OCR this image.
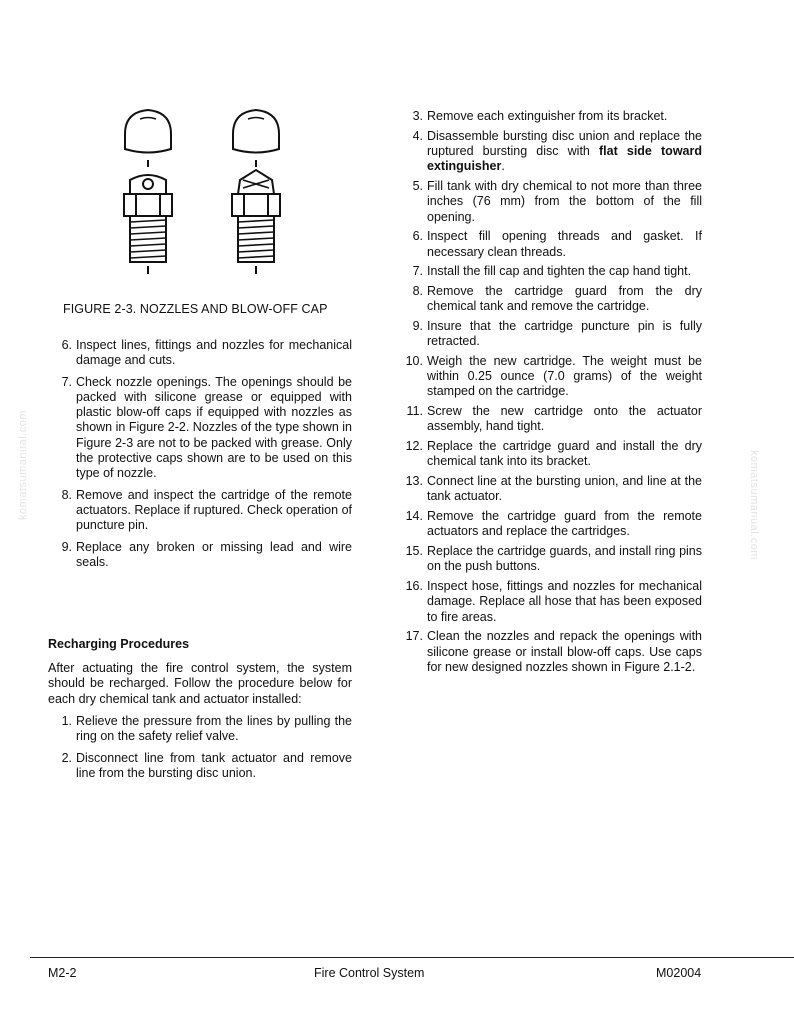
FIGURE 2-3. NOZZLES AND BLOW-OFF CAP
6. Inspect lines, fittings and nozzles for mechanical damage and cuts.
7. Check nozzle openings. The openings should be packed with silicone grease or equipped with plastic blow-off caps if equipped with nozzles as shown in Figure 2-2. Nozzles of the type shown in Figure 2-3 are not to be packed with grease. Only the protective caps shown are to be used on this type of nozzle.
8. Remove and inspect the cartridge of the remote actuators. Replace if ruptured. Check operation of puncture pin.
9. Replace any broken or missing lead and wire seals.
Recharging Procedures
After actuating the fire control system, the system should be recharged. Follow the procedure below for each dry chemical tank and actuator installed:
1. Relieve the pressure from the lines by pulling the ring on the safety relief valve.
2. Disconnect line from tank actuator and remove line from the bursting disc union.
3. Remove each extinguisher from its bracket.
4. Disassemble bursting disc union and replace the ruptured bursting disc with flat side toward extinguisher.
5. Fill tank with dry chemical to not more than three inches (76 mm) from the bottom of the fill opening.
6. Inspect fill opening threads and gasket. If necessary clean threads.
7. Install the fill cap and tighten the cap hand tight.
8. Remove the cartridge guard from the dry chemical tank and remove the cartridge.
9. Insure that the cartridge puncture pin is fully retracted.
10. Weigh the new cartridge. The weight must be within 0.25 ounce (7.0 grams) of the weight stamped on the cartridge.
11. Screw the new cartridge onto the actuator assembly, hand tight.
12. Replace the cartridge guard and install the dry chemical tank into its bracket.
13. Connect line at the bursting union, and line at the tank actuator.
14. Remove the cartridge guard from the remote actuators and replace the cartridges.
15. Replace the cartridge guards, and install ring pins on the push buttons.
16. Inspect hose, fittings and nozzles for mechanical damage. Replace all hose that has been exposed to fire areas.
17. Clean the nozzles and repack the openings with silicone grease or install blow-off caps. Use caps for new designed nozzles shown in Figure 2.1-2.
komatsumanual.com	komatsumanual.com
M2-2	Fire Control System	M02004
